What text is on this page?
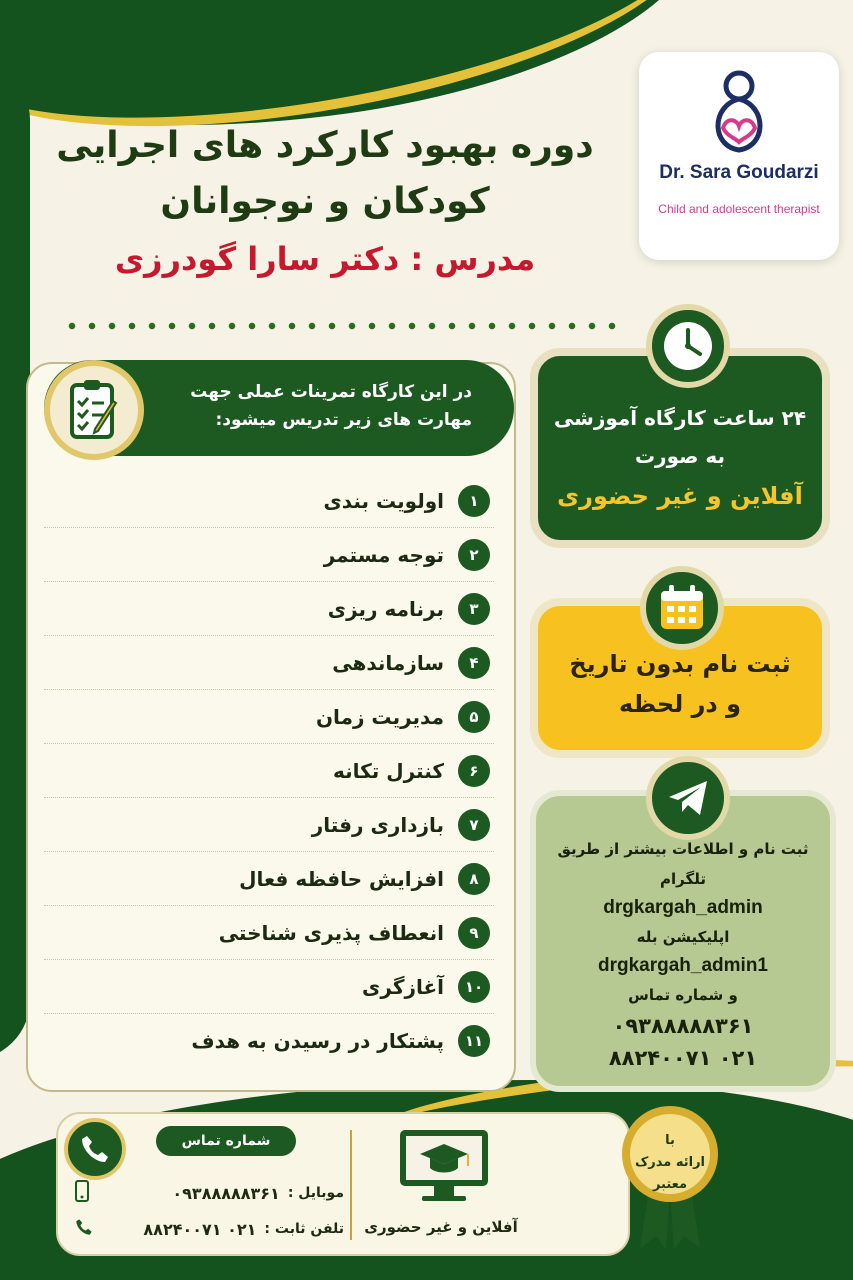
Dr. Sara Goudarzi
Child and adolescent therapist
دوره بهبود کارکرد های اجرایی
کودکان و نوجوانان
مدرس : دکتر سارا گودرزی
در این کارگاه تمرینات عملی جهت
مهارت های زیر تدریس میشود:
۱
اولویت بندی
۲
توجه مستمر
۳
برنامه ریزی
۴
سازماندهی
۵
مدیریت زمان
۶
کنترل تکانه
۷
بازداری رفتار
۸
افزایش حافظه فعال
۹
انعطاف پذیری شناختی
۱۰
آغازگری
۱۱
پشتکار در رسیدن به هدف
۲۴ ساعت کارگاه آموزشی
به صورت
آفلاین و غیر حضوری
ثبت نام بدون تاریخ
و در لحظه
ثبت نام و اطلاعات بیشتر از طریق
تلگرام
drgkargah_admin
اپلیکیشن بله
drgkargah_admin1
و شماره تماس
۰۹۳۸۸۸۸۸۳۶۱
۰۲۱ ۸۸۲۴۰۰۷۱
شماره تماس
موبایل :
۰۹۳۸۸۸۸۸۳۶۱
تلفن ثابت :
۰۲۱ ۸۸۲۴۰۰۷۱	آفلاین و غیر حضوری
با
ارائه مدرک
معتبر
